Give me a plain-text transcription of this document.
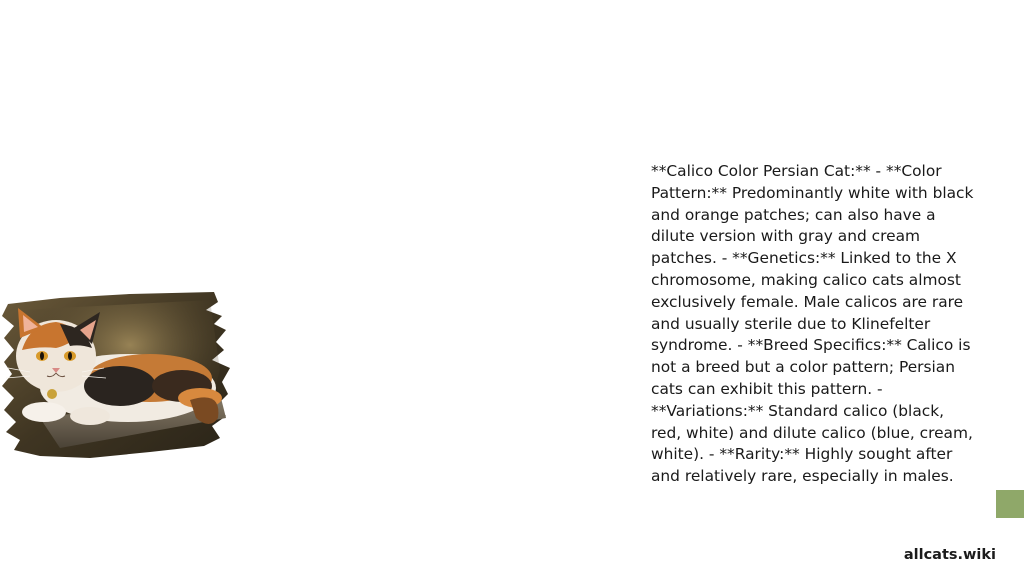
**Calico Color Persian Cat:** - **Color Pattern:** Predominantly white with black and orange patches; can also have a dilute version with gray and cream patches. - **Genetics:** Linked to the X chromosome, making calico cats almost exclusively female. Male calicos are rare and usually sterile due to Klinefelter syndrome. - **Breed Specifics:** Calico is not a breed but a color pattern; Persian cats can exhibit this pattern. - **Variations:** Standard calico (black, red, white) and dilute calico (blue, cream, white). - **Rarity:** Highly sought after and relatively rare, especially in males.

allcats.wiki
